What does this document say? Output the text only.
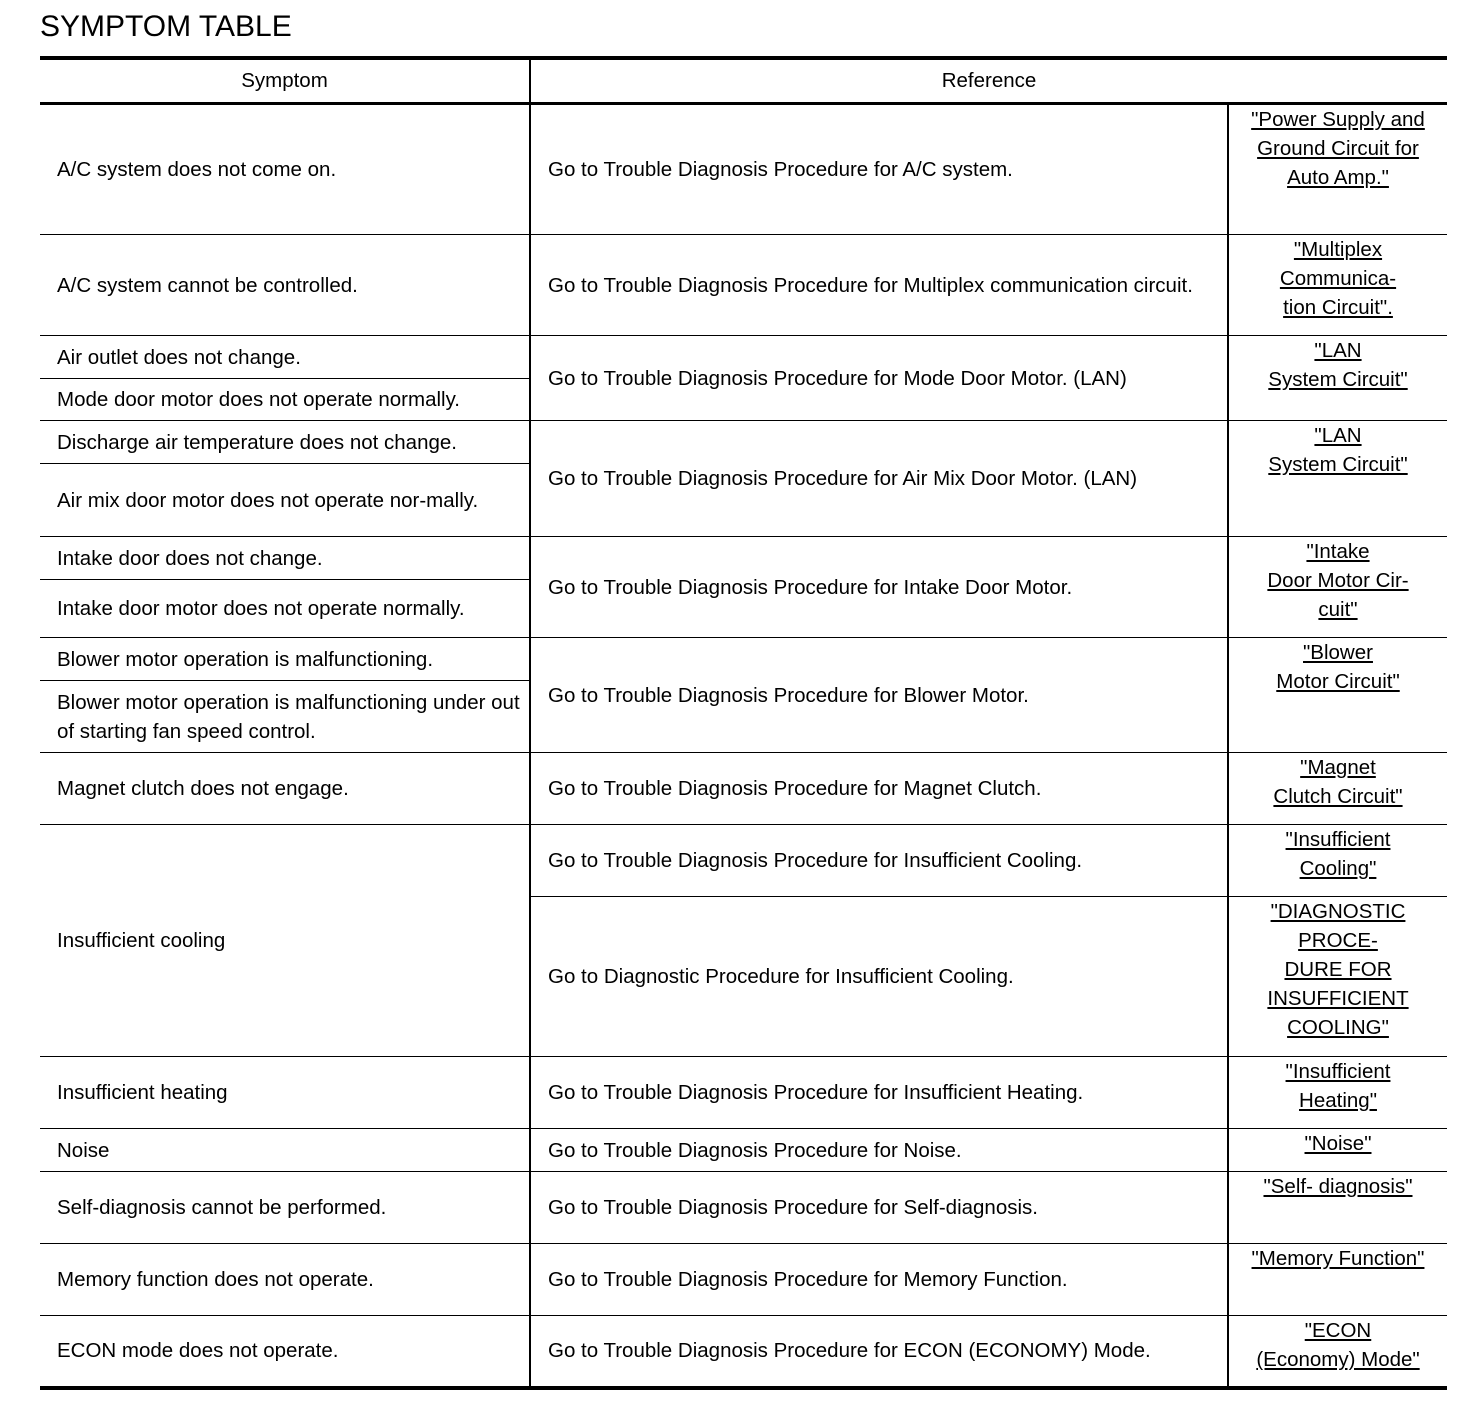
SYMPTOM TABLE
Symptom	Reference	
A/C system does not come on.	Go to Trouble Diagnosis Procedure for A/C system.	"Power Supply and
Ground Circuit for
Auto Amp."
A/C system cannot be controlled.	Go to Trouble Diagnosis Procedure for Multiplex communication circuit.	"Multiplex
Communica-
tion Circuit".
Air outlet does not change.	Go to Trouble Diagnosis Procedure for Mode Door Motor. (LAN)	"LAN
System Circuit"
Mode door motor does not operate normally.		
Discharge air temperature does not change.	Go to Trouble Diagnosis Procedure for Air Mix Door Motor. (LAN)	"LAN
System Circuit"
Air mix door motor does not operate nor-mally.		
Intake door does not change.	Go to Trouble Diagnosis Procedure for Intake Door Motor.	"Intake
Door Motor Cir-
cuit"
Intake door motor does not operate normally.		
Blower motor operation is malfunctioning.	Go to Trouble Diagnosis Procedure for Blower Motor.	"Blower
Motor Circuit"
Blower motor operation is malfunctioning under out of starting fan speed control.		
Magnet clutch does not engage.	Go to Trouble Diagnosis Procedure for Magnet Clutch.	"Magnet
Clutch Circuit"
Insufficient cooling	Go to Trouble Diagnosis Procedure for Insufficient Cooling.	"Insufficient
Cooling"
	Go to Diagnostic Procedure for Insufficient Cooling.	"DIAGNOSTIC
PROCE-
DURE FOR
INSUFFICIENT
COOLING"
Insufficient heating	Go to Trouble Diagnosis Procedure for Insufficient Heating.	"Insufficient
Heating"
Noise	Go to Trouble Diagnosis Procedure for Noise.	"Noise"
Self-diagnosis cannot be performed.	Go to Trouble Diagnosis Procedure for Self-diagnosis.	"Self- diagnosis"
Memory function does not operate.	Go to Trouble Diagnosis Procedure for Memory Function.	"Memory Function"
ECON mode does not operate.	Go to Trouble Diagnosis Procedure for ECON (ECONOMY) Mode.	"ECON
(Economy) Mode"
